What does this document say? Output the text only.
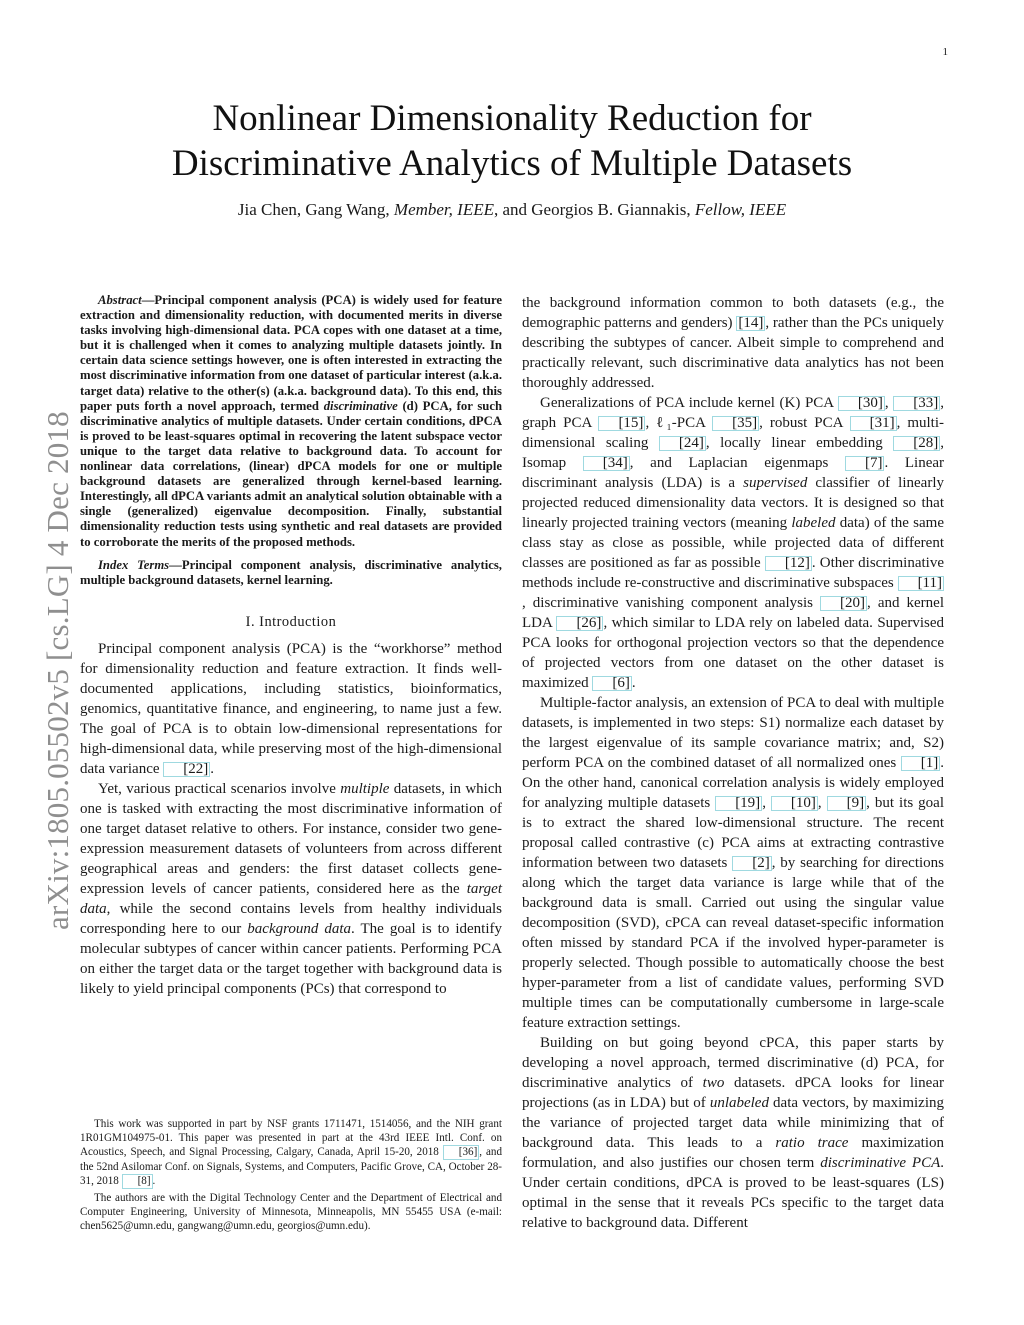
1
arXiv:1805.05502v5 [cs.LG] 4 Dec 2018
Nonlinear Dimensionality Reduction for
Discriminative Analytics of Multiple Datasets
Jia Chen, Gang Wang, Member, IEEE, and Georgios B. Giannakis, Fellow, IEEE

Abstract—Principal component analysis (PCA) is widely used for feature extraction and dimensionality reduction, with documented merits in diverse tasks involving high-dimensional data. PCA copes with one dataset at a time, but it is challenged when it comes to analyzing multiple datasets jointly. In certain data science settings however, one is often interested in extracting the most discriminative information from one dataset of particular interest (a.k.a. target data) relative to the other(s) (a.k.a. background data). To this end, this paper puts forth a novel approach, termed discriminative (d) PCA, for such discriminative analytics of multiple datasets. Under certain conditions, dPCA is proved to be least-squares optimal in recovering the latent subspace vector unique to the target data relative to background data. To account for nonlinear data correlations, (linear) dPCA models for one or multiple background datasets are generalized through kernel-based learning. Interestingly, all dPCA variants admit an analytical solution obtainable with a single (generalized) eigenvalue decomposition. Finally, substantial dimensionality reduction tests using synthetic and real datasets are provided to corroborate the merits of the proposed methods.

Index Terms—Principal component analysis, discriminative analytics, multiple background datasets, kernel learning.

I. Introduction

Principal component analysis (PCA) is the “workhorse” method for dimensionality reduction and feature extraction. It finds well-documented applications, including statistics, bioinformatics, genomics, quantitative finance, and engineering, to name just a few. The goal of PCA is to obtain low-dimensional representations for high-dimensional data, while preserving most of the high-dimensional data variance [22] .

Yet, various practical scenarios involve multiple datasets, in which one is tasked with extracting the most discriminative information of one target dataset relative to others. For instance, consider two gene-expression measurement datasets of volunteers from across different geographical areas and genders: the first dataset collects gene-expression levels of cancer patients, considered here as the target data, while the second contains levels from healthy individuals corresponding here to our background data. The goal is to identify molecular subtypes of cancer within cancer patients. Performing PCA on either the target data or the target together with background data is likely to yield principal components (PCs) that correspond to

This work was supported in part by NSF grants 1711471, 1514056, and the NIH grant 1R01GM104975-01. This paper was presented in part at the 43rd IEEE Intl. Conf. on Acoustics, Speech, and Signal Processing, Calgary, Canada, April 15-20, 2018 [36] , and the 52nd Asilomar Conf. on Signals, Systems, and Computers, Pacific Grove, CA, October 28-31, 2018 [8] .

The authors are with the Digital Technology Center and the Department of Electrical and Computer Engineering, University of Minnesota, Minneapolis, MN 55455 USA (e-mail: chen5625@umn.edu, gangwang@umn.edu, georgios@umn.edu).

the background information common to both datasets (e.g., the demographic patterns and genders) [14] , rather than the PCs uniquely describing the subtypes of cancer. Albeit simple to comprehend and practically relevant, such discriminative data analytics has not been thoroughly addressed.

Generalizations of PCA include kernel (K) PCA [30] , [33] , graph PCA [15] , ℓ₁-PCA [35] , robust PCA [31] , multi-dimensional scaling [24] , locally linear embedding [28] , Isomap [34] , and Laplacian eigenmaps [7] . Linear discriminant analysis (LDA) is a supervised classifier of linearly projected reduced dimensionality data vectors. It is designed so that linearly projected training vectors (meaning labeled data) of the same class stay as close as possible, while projected data of different classes are positioned as far as possible [12] . Other discriminative methods include re-constructive and discriminative subspaces [11], discriminative vanishing component analysis [20] , and kernel LDA [26] , which similar to LDA rely on labeled data. Supervised PCA looks for orthogonal projection vectors so that the dependence of projected vectors from one dataset on the other dataset is maximized [6] .

Multiple-factor analysis, an extension of PCA to deal with multiple datasets, is implemented in two steps: S1) normalize each dataset by the largest eigenvalue of its sample covariance matrix; and, S2) perform PCA on the combined dataset of all normalized ones [1] . On the other hand, canonical correlation analysis is widely employed for analyzing multiple datasets [19] , [10] , [9] , but its goal is to extract the shared low-dimensional structure. The recent proposal called contrastive (c) PCA aims at extracting contrastive information between two datasets [2] , by searching for directions along which the target data variance is large while that of the background data is small. Carried out using the singular value decomposition (SVD), cPCA can reveal dataset-specific information often missed by standard PCA if the involved hyper-parameter is properly selected. Though possible to automatically choose the best hyper-parameter from a list of candidate values, performing SVD multiple times can be computationally cumbersome in large-scale feature extraction settings.

Building on but going beyond cPCA, this paper starts by developing a novel approach, termed discriminative (d) PCA, for discriminative analytics of two datasets. dPCA looks for linear projections (as in LDA) but of unlabeled data vectors, by maximizing the variance of projected target data while minimizing that of background data. This leads to a ratio trace maximization formulation, and also justifies our chosen term discriminative PCA. Under certain conditions, dPCA is proved to be least-squares (LS) optimal in the sense that it reveals PCs specific to the target data relative to background data. Different
